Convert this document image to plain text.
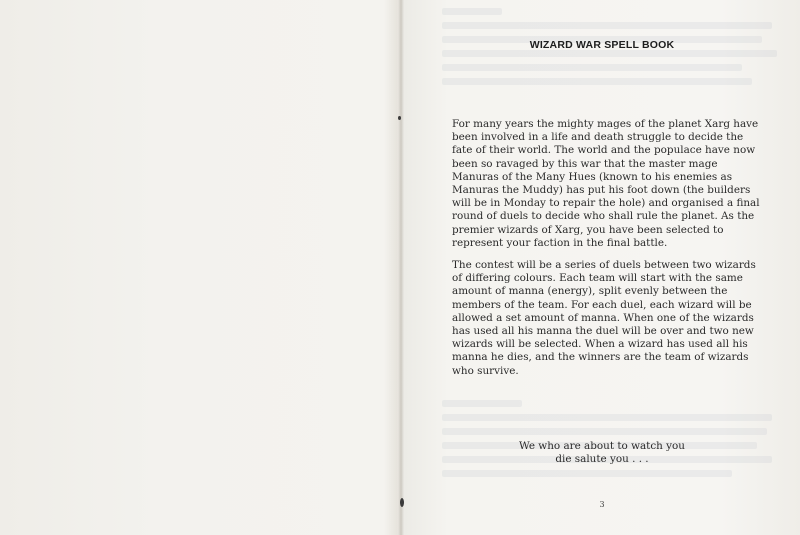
WIZARD WAR SPELL BOOK

For many years the mighty mages of the planet Xarg have been involved in a life and death struggle to decide the fate of their world. The world and the populace have now been so ravaged by this war that the master mage Manuras of the Many Hues (known to his enemies as Manuras the Muddy) has put his foot down (the builders will be in Monday to repair the hole) and organised a final round of duels to decide who shall rule the planet. As the premier wizards of Xarg, you have been selected to represent your faction in the final battle.

The contest will be a series of duels between two wizards of differing colours. Each team will start with the same amount of manna (energy), split evenly between the members of the team. For each duel, each wizard will be allowed a set amount of manna. When one of the wizards has used all his manna the duel will be over and two new wizards will be selected. When a wizard has used all his manna he dies, and the winners are the team of wizards who survive.

We who are about to watch you
die salute you . . .
3
